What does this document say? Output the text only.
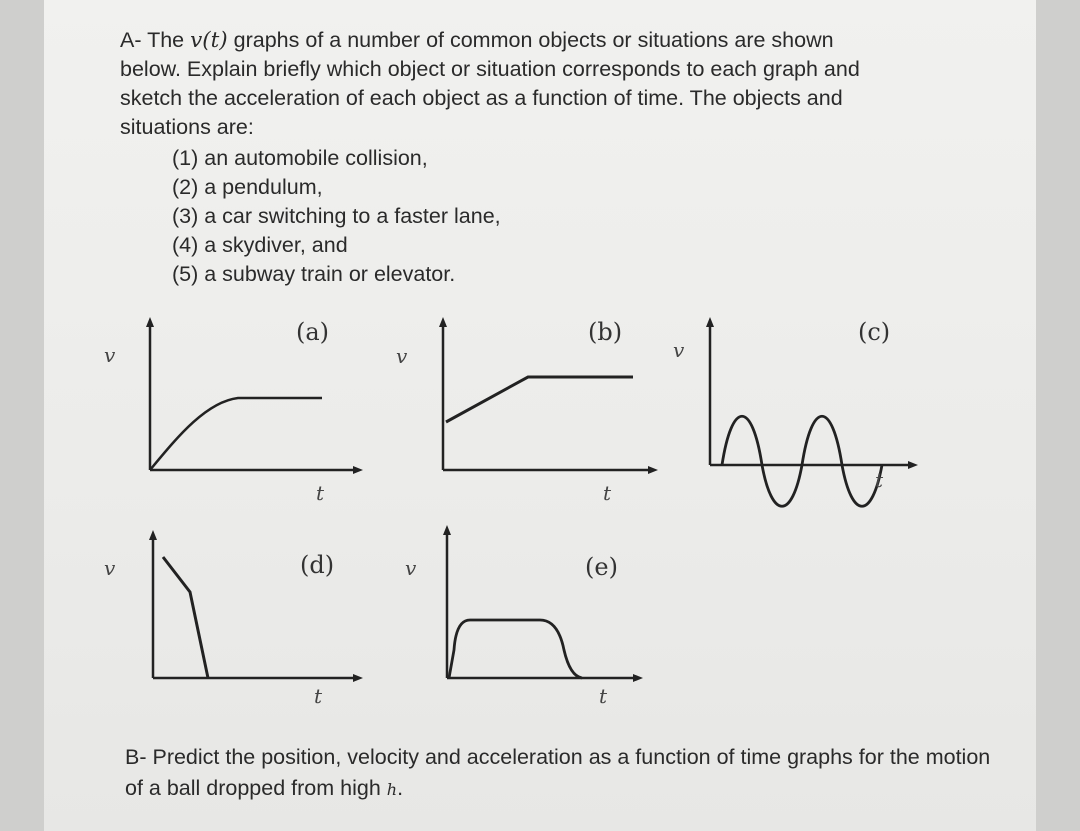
A- The v(t) graphs of a number of common objects or situations are shown
below. Explain briefly which object or situation corresponds to each graph and
sketch the acceleration of each object as a function of time. The objects and
situations are:
(1) an automobile collision,
(2) a pendulum,
(3) a car switching to a faster lane,
(4) a skydiver, and
(5) a subway train or elevator.
v
(a)
t
v
(b)
t
v
(c)
t
v	(d)
t
v	(e)
t
B- Predict the position, velocity and acceleration as a function of time graphs for the motion of a ball dropped from high h.
